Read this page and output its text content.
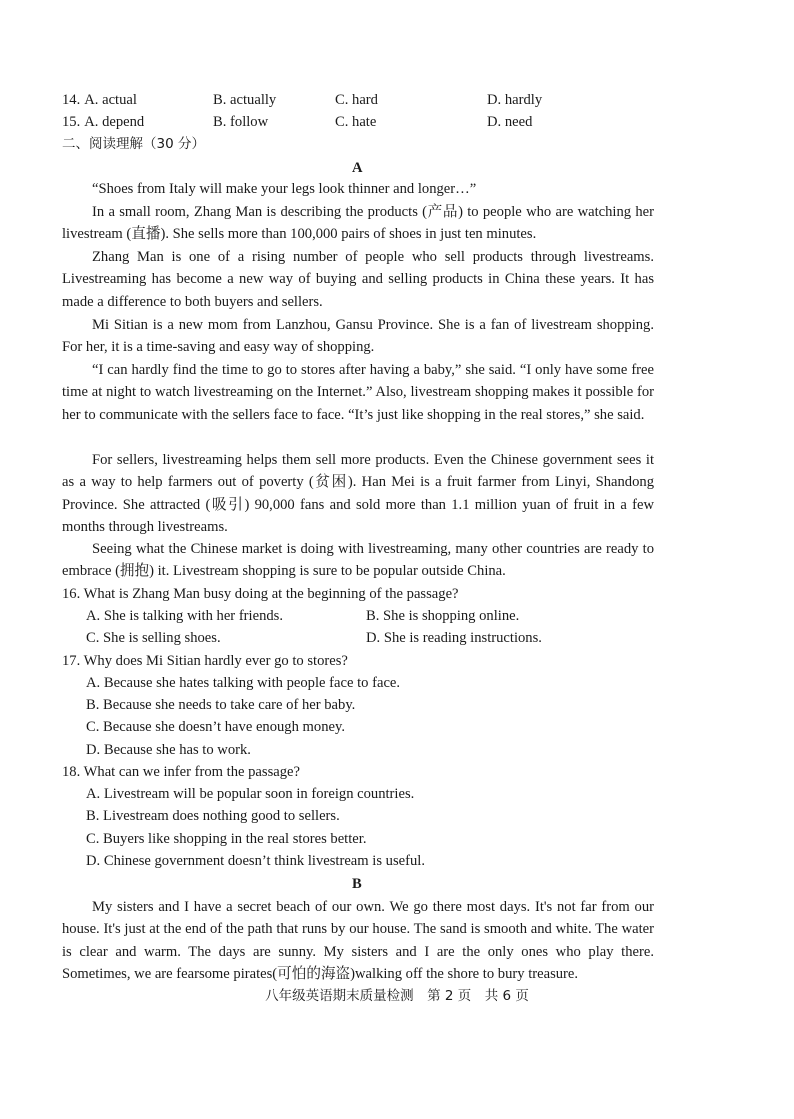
14. A. actual	B. actually	C. hard	D. hardly
15. A. depend	B. follow	C. hate	D. need
二、阅读理解（30 分）
A
“Shoes from Italy will make your legs look thinner and longer…”
In a small room, Zhang Man is describing the products (产品) to people who are watching her livestream (直播). She sells more than 100,000 pairs of shoes in just ten minutes.
Zhang Man is one of a rising number of people who sell products through livestreams. Livestreaming has become a new way of buying and selling products in China these years. It has made a difference to both buyers and sellers.
Mi Sitian is a new mom from Lanzhou, Gansu Province. She is a fan of livestream shopping. For her, it is a time-saving and easy way of shopping.
“I can hardly find the time to go to stores after having a baby,” she said. “I only have some free time at night to watch livestreaming on the Internet.” Also, livestream shopping makes it possible for her to communicate with the sellers face to face. “It’s just like shopping in the real stores,” she said.
For sellers, livestreaming helps them sell more products. Even the Chinese government sees it as a way to help farmers out of poverty (贫困). Han Mei is a fruit farmer from Linyi, Shandong Province. She attracted (吸引) 90,000 fans and sold more than 1.1 million yuan of fruit in a few months through livestreams.
Seeing what the Chinese market is doing with livestreaming, many other countries are ready to embrace (拥抱) it. Livestream shopping is sure to be popular outside China.
16. What is Zhang Man busy doing at the beginning of the passage?
A. She is talking with her friends.	B. She is shopping online.
C. She is selling shoes.	D. She is reading instructions.
17. Why does Mi Sitian hardly ever go to stores?
A. Because she hates talking with people face to face.
B. Because she needs to take care of her baby.
C. Because she doesn’t have enough money.
D. Because she has to work.
18. What can we infer from the passage?
A. Livestream will be popular soon in foreign countries.
B. Livestream does nothing good to sellers.
C. Buyers like shopping in the real stores better.
D. Chinese government doesn’t think livestream is useful.
B
My sisters and I have a secret beach of our own. We go there most days. It's not far from our house. It's just at the end of the path that runs by our house. The sand is smooth and white. The water is clear and warm. The days are sunny. My sisters and I are the only ones who play there. Sometimes, we are fearsome pirates(可怕的海盗)walking off the shore to bury treasure.
八年级英语期末质量检测　第 2 页　共 6 页
